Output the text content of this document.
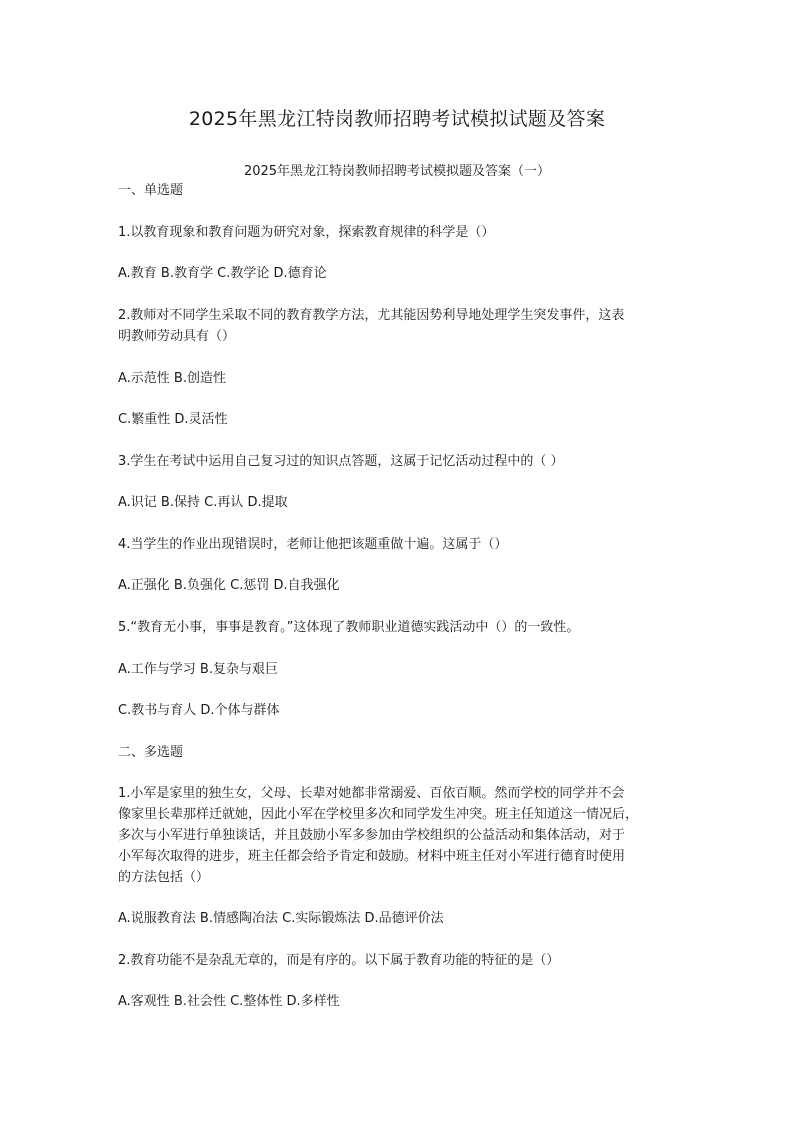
2025年黑龙江特岗教师招聘考试模拟试题及答案
2025年黑龙江特岗教师招聘考试模拟题及答案（一）
一、单选题
1.以教育现象和教育问题为研究对象，探索教育规律的科学是（）
A.教育 B.教育学 C.教学论 D.德育论
2.教师对不同学生采取不同的教育教学方法，尤其能因势利导地处理学生突发事件，这表
明教师劳动具有（）
A.示范性 B.创造性
C.繁重性 D.灵活性
3.学生在考试中运用自己复习过的知识点答题，这属于记忆活动过程中的（ ）
A.识记 B.保持 C.再认 D.提取
4.当学生的作业出现错误时，老师让他把该题重做十遍。这属于（）
A.正强化 B.负强化 C.惩罚 D.自我强化
5.“教育无小事，事事是教育。”这体现了教师职业道德实践活动中（）的一致性。
A.工作与学习 B.复杂与艰巨
C.教书与育人 D.个体与群体
二、多选题
1.小军是家里的独生女，父母、长辈对她都非常溺爱、百依百顺。然而学校的同学并不会
像家里长辈那样迁就她，因此小军在学校里多次和同学发生冲突。班主任知道这一情况后，
多次与小军进行单独谈话，并且鼓励小军多参加由学校组织的公益活动和集体活动，对于
小军每次取得的进步，班主任都会给予肯定和鼓励。材料中班主任对小军进行德育时使用
的方法包括（）
A.说服教育法 B.情感陶冶法 C.实际锻炼法 D.品德评价法
2.教育功能不是杂乱无章的，而是有序的。以下属于教育功能的特征的是（）
A.客观性 B.社会性 C.整体性 D.多样性
